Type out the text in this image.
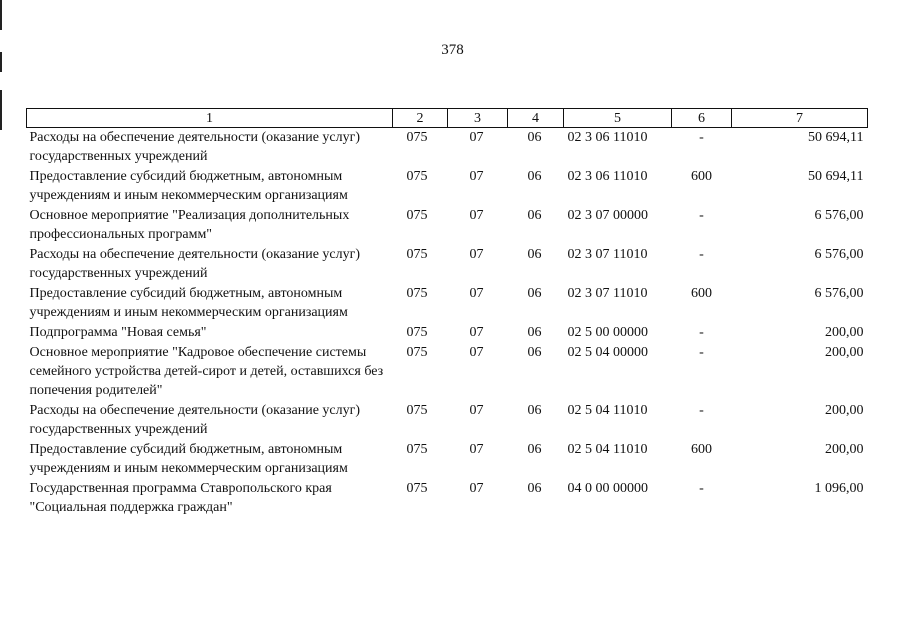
378
1	2	3	4	5	6	7
Расходы на обеспечение деятельности (оказание услуг) государственных учреждений	075	07	06	02 3 06 11010	-	50 694,11
Предоставление субсидий бюджетным, автономным учреждениям и иным некоммерческим организациям	075	07	06	02 3 06 11010	600	50 694,11
Основное мероприятие "Реализация дополнительных профессиональных программ"	075	07	06	02 3 07 00000	-	6 576,00
Расходы на обеспечение деятельности (оказание услуг) государственных учреждений	075	07	06	02 3 07 11010	-	6 576,00
Предоставление субсидий бюджетным, автономным учреждениям и иным некоммерческим организациям	075	07	06	02 3 07 11010	600	6 576,00
Подпрограмма "Новая семья"	075	07	06	02 5 00 00000	-	200,00
Основное мероприятие "Кадровое обеспечение системы семейного устройства детей-сирот и детей, оставшихся без попечения родителей"	075	07	06	02 5 04 00000	-	200,00
Расходы на обеспечение деятельности (оказание услуг) государственных учреждений	075	07	06	02 5 04 11010	-	200,00
Предоставление субсидий бюджетным, автономным учреждениям и иным некоммерческим организациям	075	07	06	02 5 04 11010	600	200,00
Государственная программа Ставропольского края "Социальная поддержка граждан"	075	07	06	04 0 00 00000	-	1 096,00
